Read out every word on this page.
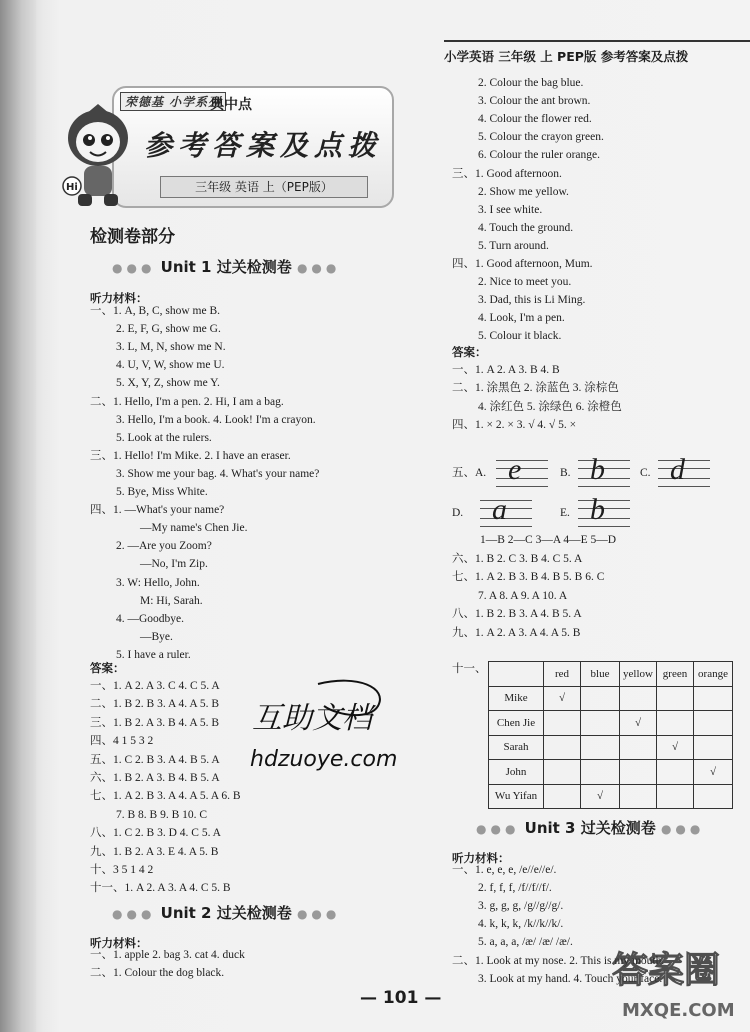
小学英语 三年级 上 PEP版 参考答案及点拨
Hi
荣德基 小学系列
典中点
参考答案及点拨
三年级 英语 上（PEP版）
检测卷部分
●●● Unit 1 过关检测卷 ●●●
听力材料：
一、1. A, B, C, show me B.
2. E, F, G, show me G.
3. L, M, N, show me N.
4. U, V, W, show me U.
5. X, Y, Z, show me Y.
二、1. Hello, I'm a pen. 2. Hi, I am a bag.
3. Hello, I'm a book. 4. Look! I'm a crayon.
5. Look at the rulers.
三、1. Hello! I'm Mike. 2. I have an eraser.
3. Show me your bag. 4. What's your name?
5. Bye, Miss White.
四、1. —What's your name?
—My name's Chen Jie.
2. —Are you Zoom?
—No, I'm Zip.
3. W: Hello, John.
M: Hi, Sarah.
4. —Goodbye.
—Bye.
5. I have a ruler.
答案：
一、1. A 2. A 3. C 4. C 5. A
二、1. B 2. B 3. A 4. A 5. B
三、1. B 2. A 3. B 4. A 5. B
四、4 1 5 3 2
五、1. C 2. B 3. A 4. B 5. A
六、1. B 2. A 3. B 4. B 5. A
七、1. A 2. B 3. A 4. A 5. A 6. B
7. B 8. B 9. B 10. C
八、1. C 2. B 3. D 4. C 5. A
九、1. B 2. A 3. E 4. A 5. B
十、3 5 1 4 2
十一、1. A 2. A 3. A 4. C 5. B
互助文档
hdzuoye.com
●●● Unit 2 过关检测卷 ●●●
听力材料：
一、1. apple 2. bag 3. cat 4. duck
二、1. Colour the dog black.
2. Colour the bag blue.
3. Colour the ant brown.
4. Colour the flower red.
5. Colour the crayon green.
6. Colour the ruler orange.
三、1. Good afternoon.
2. Show me yellow.
3. I see white.
4. Touch the ground.
5. Turn around.
四、1. Good afternoon, Mum.
2. Nice to meet you.
3. Dad, this is Li Ming.
4. Look, I'm a pen.
5. Colour it black.
答案：
一、1. A 2. A 3. B 4. B
二、1. 涂黑色 2. 涂蓝色 3. 涂棕色
4. 涂红色 5. 涂绿色 6. 涂橙色
四、1. × 2. × 3. √ 4. √ 5. ×
五、A. e	B. b	C. d
D. a	E. b
1—B 2—C 3—A 4—E 5—D
六、1. B 2. C 3. B 4. C 5. A
七、1. A 2. B 3. B 4. B 5. B 6. C
7. A 8. A 9. A 10. A
八、1. B 2. B 3. A 4. B 5. A
九、1. A 2. A 3. A 4. A 5. B
十一、
		red	blue	yellow	green	orange
Mike	√				
Chen Jie			√		
Sarah				√	
John					√
Wu Yifan		√			
●●● Unit 3 过关检测卷 ●●●
听力材料：
一、1. e, e, e, /e//e//e/.
2. f, f, f, /f//f//f/.
3. g, g, g, /g//g//g/.
4. k, k, k, /k//k//k/.
5. a, a, a, /æ/ /æ/ /æ/.
二、1. Look at my nose. 2. This is my mouth.
3. Look at my hand. 4. Touch your face.
— 101 —
答案圈
MXQE.COM
